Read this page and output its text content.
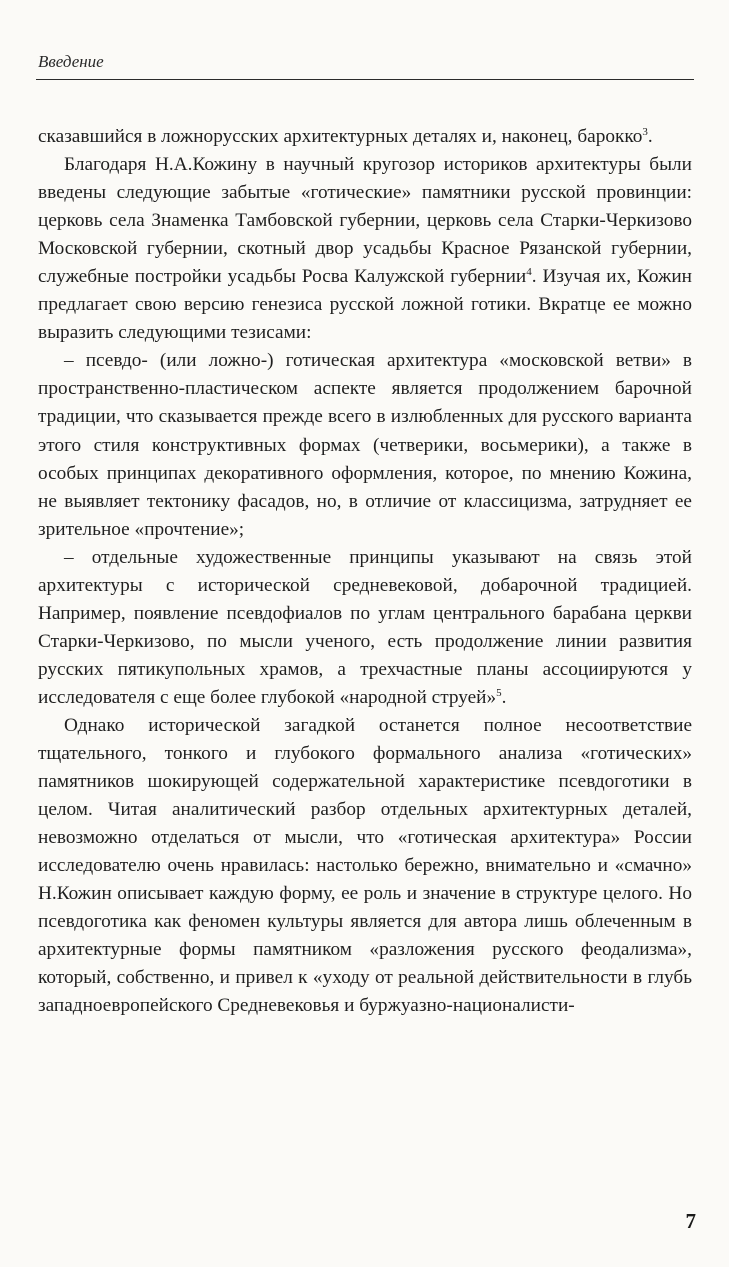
Введение

сказавшийся в ложнорусских архитектурных деталях и, наконец, барокко$^3$.

Благодаря Н.А.Кожину в научный кругозор историков архитектуры были введены следующие забытые «готические» памятники русской провинции: церковь села Знаменка Тамбовской губернии, церковь села Старки-Черкизово Московской губернии, скотный двор усадьбы Красное Рязанской губернии, служебные постройки усадьбы Росва Калужской губернии$^4$. Изучая их, Кожин предлагает свою версию генезиса русской ложной готики. Вкратце ее можно выразить следующими тезисами:

– псевдо- (или ложно-) готическая архитектура «московской ветви» в пространственно-пластическом аспекте является продолжением барочной традиции, что сказывается прежде всего в излюбленных для русского варианта этого стиля конструктивных формах (четверики, восьмерики), а также в особых принципах декоративного оформления, которое, по мнению Кожина, не выявляет тектонику фасадов, но, в отличие от классицизма, затрудняет ее зрительное «прочтение»;

– отдельные художественные принципы указывают на связь этой архитектуры с исторической средневековой, добарочной традицией. Например, появление псевдофиалов по углам центрального барабана церкви Старки-Черкизово, по мысли ученого, есть продолжение линии развития русских пятикупольных храмов, а трехчастные планы ассоциируются у исследователя с еще более глубокой «народной струей»$^5$.

Однако исторической загадкой останется полное несоответствие тщательного, тонкого и глубокого формального анализа «готических» памятников шокирующей содержательной характеристике псевдоготики в целом. Читая аналитический разбор отдельных архитектурных деталей, невозможно отделаться от мысли, что «готическая архитектура» России исследователю очень нравилась: настолько бережно, внимательно и «смачно» Н.Кожин описывает каждую форму, ее роль и значение в структуре целого. Но псевдоготика как феномен культуры является для автора лишь облеченным в архитектурные формы памятником «разложения русского феодализма», который, собственно, и привел к «уходу от реальной действительности в глубь западноевропейского Средневековья и буржуазно-националисти-

7
